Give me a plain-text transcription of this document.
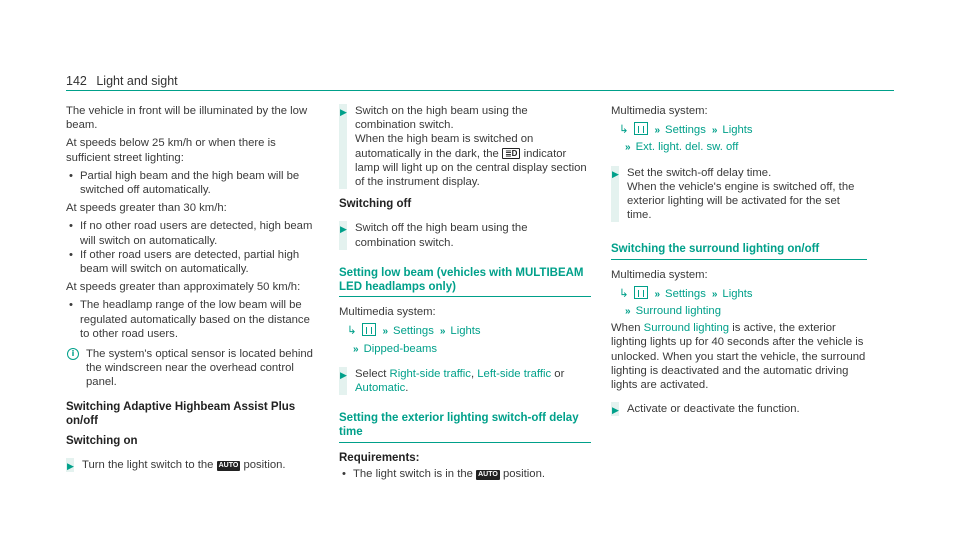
142 Light and sight

The vehicle in front will be illuminated by the low beam.

At speeds below 25 km/h or when there is sufficient street lighting:

• Partial high beam and the high beam will be switched off automatically.

At speeds greater than 30 km/h:

• If no other road users are detected, high beam will switch on automatically.
• If other road users are detected, partial high beam will switch on automatically.

At speeds greater than approximately 50 km/h:

• The headlamp range of the low beam will be regulated automatically based on the distance to other road users.
i	The system's optical sensor is located behind the windscreen near the overhead control panel.
Switching Adaptive Highbeam Assist Plus on/off
Switching on
▶ Turn the light switch to the AUTO position.
▶ Switch on the high beam using the combination switch.
When the high beam is switched on automatically in the dark, the ≣D indicator lamp will light up on the central display section of the instrument display.
Switching off
▶ Switch off the high beam using the combination switch.
Setting low beam (vehicles with MULTIBEAM LED headlamps only)

Multimedia system:

↳	» Settings » Lights
» Dipped-beams
▶ Select Right-side traffic, Left-side traffic or Automatic.
Setting the exterior lighting switch-off delay time
Requirements:
• The light switch is in the AUTO position.

Multimedia system:

↳	» Settings » Lights
» Ext. light. del. sw. off
▶ Set the switch-off delay time.
When the vehicle's engine is switched off, the exterior lighting will be activated for the set time.
Switching the surround lighting on/off

Multimedia system:

↳	» Settings » Lights
» Surround lighting

When Surround lighting is active, the exterior lighting lights up for 40 seconds after the vehicle is unlocked. When you start the vehicle, the surround lighting is deactivated and the automatic driving lights are activated.

▶ Activate or deactivate the function.
